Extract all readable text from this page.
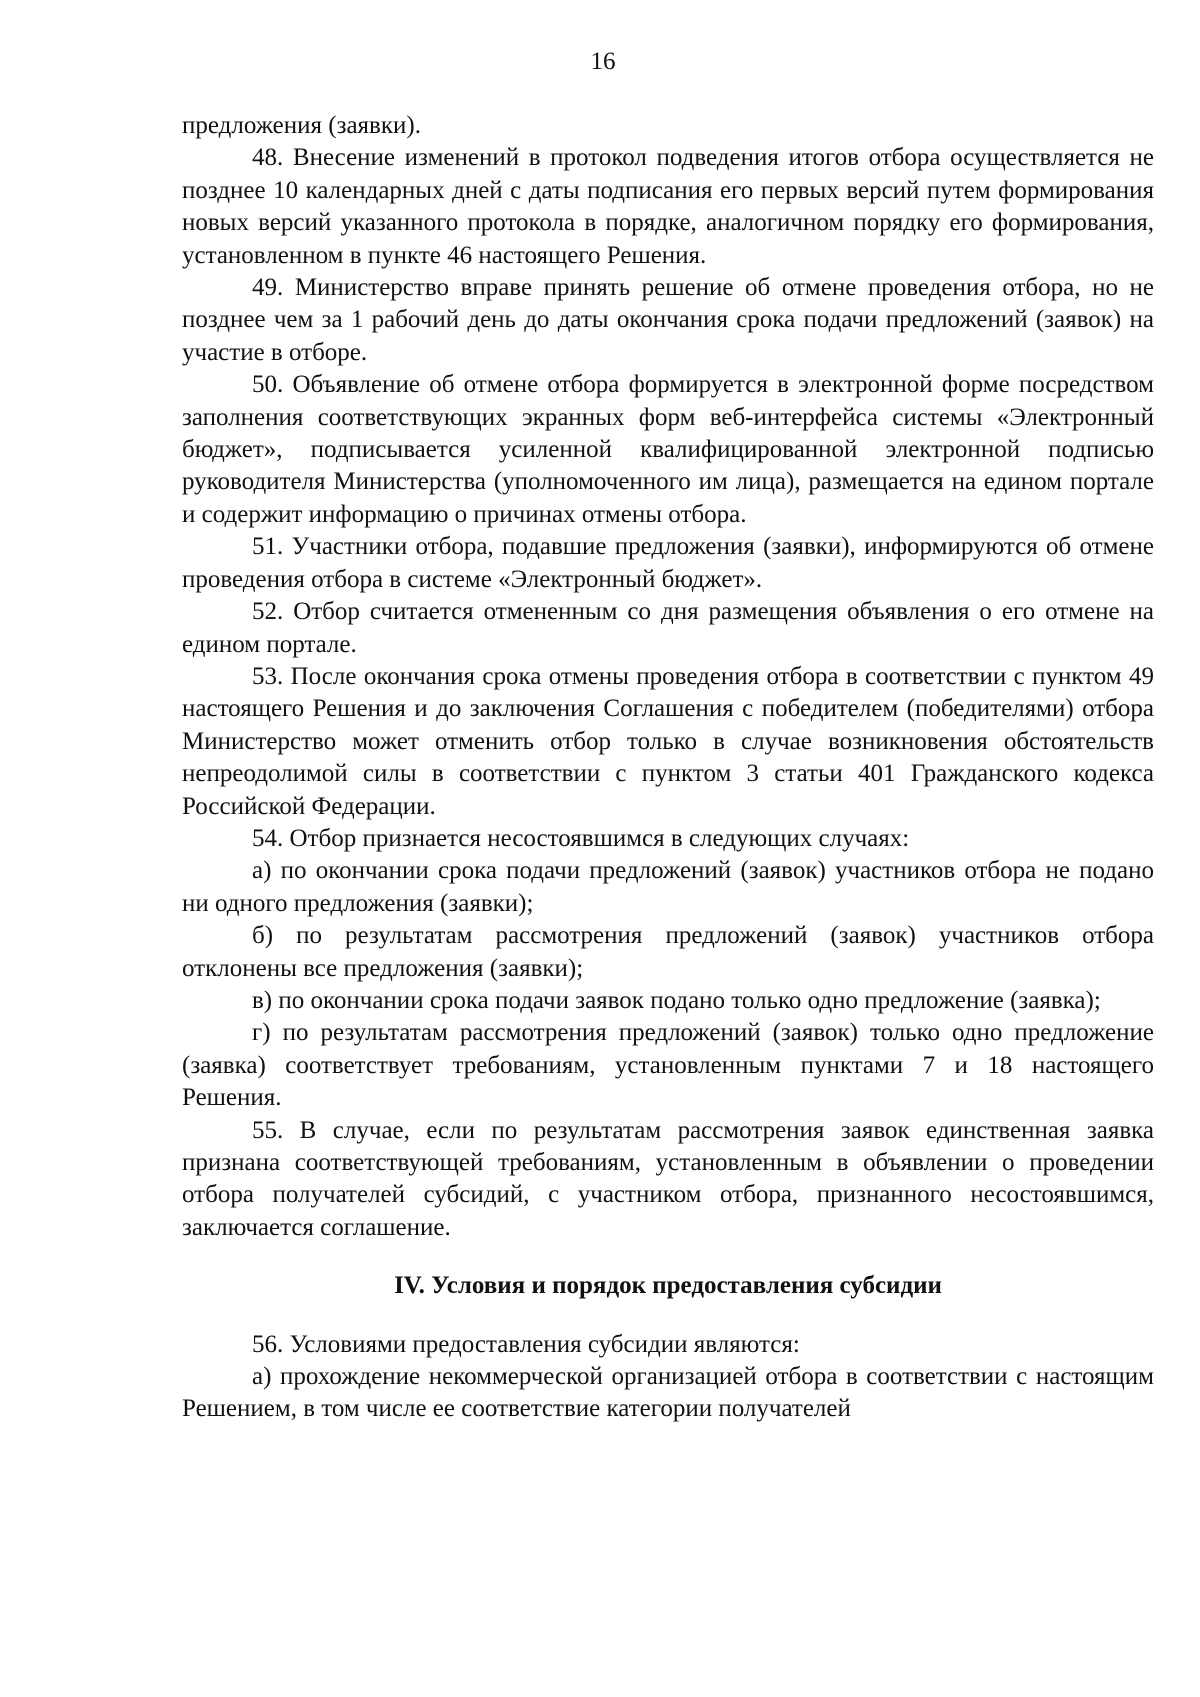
16

предложения (заявки).

48. Внесение изменений в протокол подведения итогов отбора осуществляется не позднее 10 календарных дней с даты подписания его первых версий путем формирования новых версий указанного протокола в порядке, аналогичном порядку его формирования, установленном в пункте 46 настоящего Решения.

49. Министерство вправе принять решение об отмене проведения отбора, но не позднее чем за 1 рабочий день до даты окончания срока подачи предложений (заявок) на участие в отборе.

50. Объявление об отмене отбора формируется в электронной форме посредством заполнения соответствующих экранных форм веб-интерфейса системы «Электронный бюджет», подписывается усиленной квалифицированной электронной подписью руководителя Министерства (уполномоченного им лица), размещается на едином портале и содержит информацию о причинах отмены отбора.

51. Участники отбора, подавшие предложения (заявки), информируются об отмене проведения отбора в системе «Электронный бюджет».

52. Отбор считается отмененным со дня размещения объявления о его отмене на едином портале.

53. После окончания срока отмены проведения отбора в соответствии с пунктом 49 настоящего Решения и до заключения Соглашения с победителем (победителями) отбора Министерство может отменить отбор только в случае возникновения обстоятельств непреодолимой силы в соответствии с пунктом 3 статьи 401 Гражданского кодекса Российской Федерации.

54. Отбор признается несостоявшимся в следующих случаях:

а) по окончании срока подачи предложений (заявок) участников отбора не подано ни одного предложения (заявки);

б) по результатам рассмотрения предложений (заявок) участников отбора отклонены все предложения (заявки);

в) по окончании срока подачи заявок подано только одно предложение (заявка);

г) по результатам рассмотрения предложений (заявок) только одно предложение (заявка) соответствует требованиям, установленным пунктами 7 и 18 настоящего Решения.

55. В случае, если по результатам рассмотрения заявок единственная заявка признана соответствующей требованиям, установленным в объявлении о проведении отбора получателей субсидий, с участником отбора, признанного несостоявшимся, заключается соглашение.

IV. Условия и порядок предоставления субсидии

56. Условиями предоставления субсидии являются:

а) прохождение некоммерческой организацией отбора в соответствии с настоящим Решением, в том числе ее соответствие категории получателей
